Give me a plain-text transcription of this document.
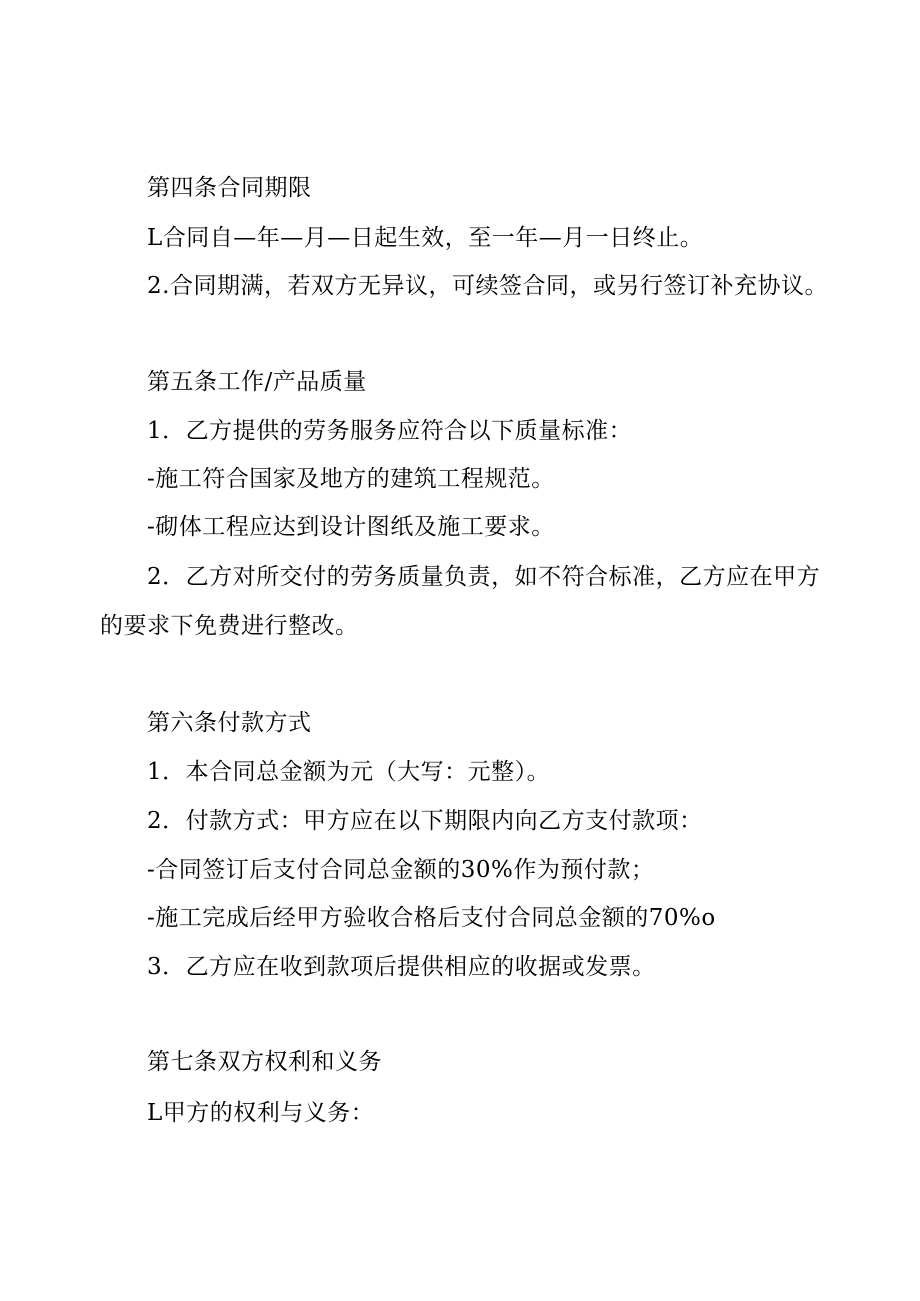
第四条合同期限

L合同自—年—月—日起生效，至一年—月一日终止。

2.合同期满，若双方无异议，可续签合同，或另行签订补充协议。

第五条工作/产品质量

1．乙方提供的劳务服务应符合以下质量标准：

-施工符合国家及地方的建筑工程规范。

-砌体工程应达到设计图纸及施工要求。

2．乙方对所交付的劳务质量负责，如不符合标准，乙方应在甲方

的要求下免费进行整改。

第六条付款方式

1．本合同总金额为元（大写：元整）。

2．付款方式：甲方应在以下期限内向乙方支付款项：

-合同签订后支付合同总金额的30%作为预付款；

-施工完成后经甲方验收合格后支付合同总金额的70%o

3．乙方应在收到款项后提供相应的收据或发票。

第七条双方权利和义务

L甲方的权利与义务：
